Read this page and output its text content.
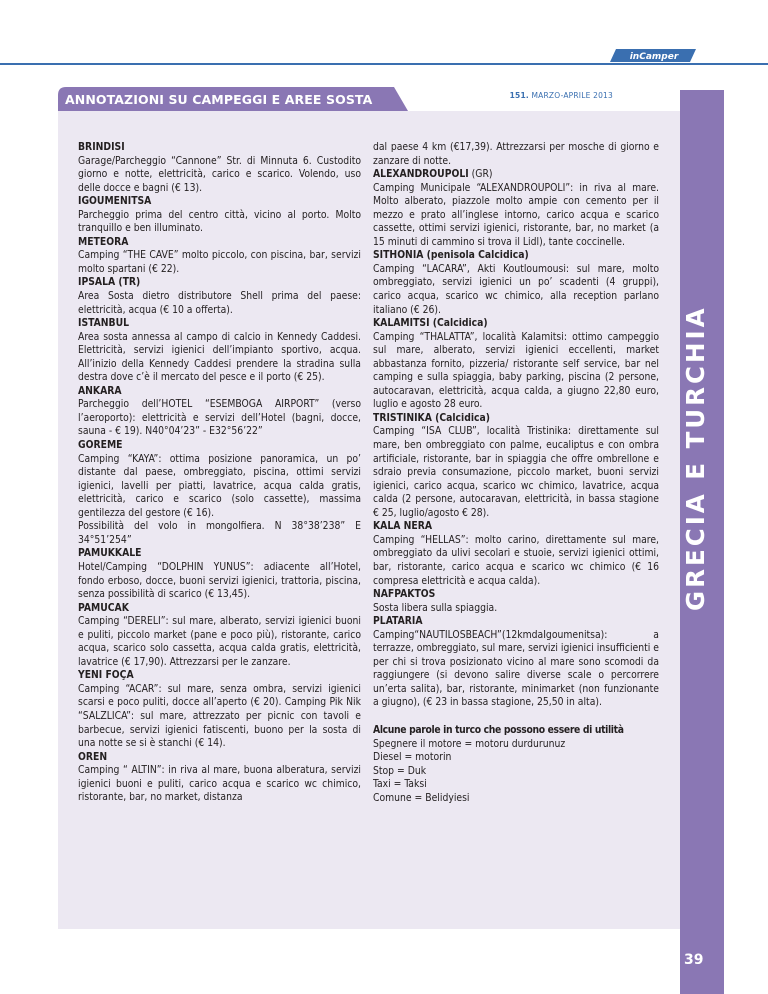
151. MARZO-APRILE 2013
inCamper
ANNOTAZIONI SU CAMPEGGI E AREE SOSTA
GRECIA E TURCHIA
39

BRINDISI

Garage/Parcheggio “Cannone” Str. di Minnuta 6. Custodito giorno e notte, elettricità, carico e scarico. Volendo, uso delle docce e bagni (€ 13).

IGOUMENITSA

Parcheggio prima del centro città, vicino al porto. Molto tranquillo e ben illuminato.

METEORA

Camping “THE CAVE” molto piccolo, con piscina, bar, servizi molto spartani (€ 22).

IPSALA (TR)

Area Sosta dietro distributore Shell prima del paese: elettricità, acqua (€ 10 a offerta).

ISTANBUL

Area sosta annessa al campo di calcio in Kennedy Caddesi. Elettricità, servizi igienici dell’impianto sportivo, acqua. All’inizio della Kennedy Caddesi prendere la stradina sulla destra dove c’è il mercato del pesce e il porto (€ 25).

ANKARA

Parcheggio dell’HOTEL “ESEMBOGA AIRPORT” (verso l’aeroporto): elettricità e servizi dell’Hotel (bagni, docce, sauna - € 19). N40°04’23” - E32°56’22”

GOREME

Camping “KAYA”: ottima posizione panoramica, un po’ distante dal paese, ombreggiato, piscina, ottimi servizi igienici, lavelli per piatti, lavatrice, acqua calda gratis, elettricità, carico e scarico (solo cassette), massima gentilezza del gestore (€ 16).

Possibilità del volo in mongolfiera. N 38°38’238” E 34°51’254”

PAMUKKALE

Hotel/Camping “DOLPHIN YUNUS”: adiacente all’Hotel, fondo erboso, docce, buoni servizi igienici, trattoria, piscina, senza possibilità di scarico (€ 13,45).

PAMUCAK

Camping “DERELI”: sul mare, alberato, servizi igienici buoni e puliti, piccolo market (pane e poco più), ristorante, carico acqua, scarico solo cassetta, acqua calda gratis, elettricità, lavatrice (€ 17,90). Attrezzarsi per le zanzare.

YENI FOÇA

Camping “ACAR”: sul mare, senza ombra, servizi igienici scarsi e poco puliti, docce all’aperto (€ 20). Camping Pik Nik “SALZLICA”: sul mare, attrezzato per picnic con tavoli e barbecue, servizi igienici fatiscenti, buono per la sosta di una notte se si è stanchi (€ 14).

OREN

Camping “ ALTIN”: in riva al mare, buona alberatura, servizi igienici buoni e puliti, carico acqua e scarico wc chimico, ristorante, bar, no market, distanza

dal paese 4 km (€17,39). Attrezzarsi per mosche di giorno e zanzare di notte.

ALEXANDROUPOLI (GR)

Camping Municipale “ALEXANDROUPOLI”: in riva al mare. Molto alberato, piazzole molto ampie con cemento per il mezzo e prato all’inglese intorno, carico acqua e scarico cassette, ottimi servizi igienici, ristorante, bar, no market (a 15 minuti di cammino si trova il Lidl), tante coccinelle.

SITHONIA (penisola Calcidica)

Camping “LACARA”, Akti Koutloumousi: sul mare, molto ombreggiato, servizi igienici un po’ scadenti (4 gruppi), carico acqua, scarico wc chimico, alla reception parlano italiano (€ 26).

KALAMITSI (Calcidica)

Camping “THALATTA”, località Kalamitsi: ottimo campeggio sul mare, alberato, servizi igienici eccellenti, market abbastanza fornito, pizzeria/ ristorante self service, bar nel camping e sulla spiaggia, baby parking, piscina (2 persone, autocaravan, elettricità, acqua calda, a giugno 22,80 euro, luglio e agosto 28 euro.

TRISTINIKA (Calcidica)

Camping “ISA CLUB”, località Tristinika: direttamente sul mare, ben ombreggiato con palme, eucaliptus e con ombra artificiale, ristorante, bar in spiaggia che offre ombrellone e sdraio previa consumazione, piccolo market, buoni servizi igienici, carico acqua, scarico wc chimico, lavatrice, acqua calda (2 persone, autocaravan, elettricità, in bassa stagione € 25, luglio/agosto € 28).

KALA NERA

Camping “HELLAS”: molto carino, direttamente sul mare, ombreggiato da ulivi secolari e stuoie, servizi igienici ottimi, bar, ristorante, carico acqua e scarico wc chimico (€ 16 compresa elettricità e acqua calda).

NAFPAKTOS

Sosta libera sulla spiaggia.

PLATARIA

Camping“NAUTILOSBEACH”(12kmdaIgoumenitsa): a terrazze, ombreggiato, sul mare, servizi igienici insufficienti e per chi si trova posizionato vicino al mare sono scomodi da raggiungere (si devono salire diverse scale o percorrere un’erta salita), bar, ristorante, minimarket (non funzionante a giugno), (€ 23 in bassa stagione, 25,50 in alta).

Alcune parole in turco che possono essere di utilità

Spegnere il motore = motoru durdurunuz

Diesel = motorin

Stop = Duk

Taxi = Taksi

Comune = Belidyiesi
